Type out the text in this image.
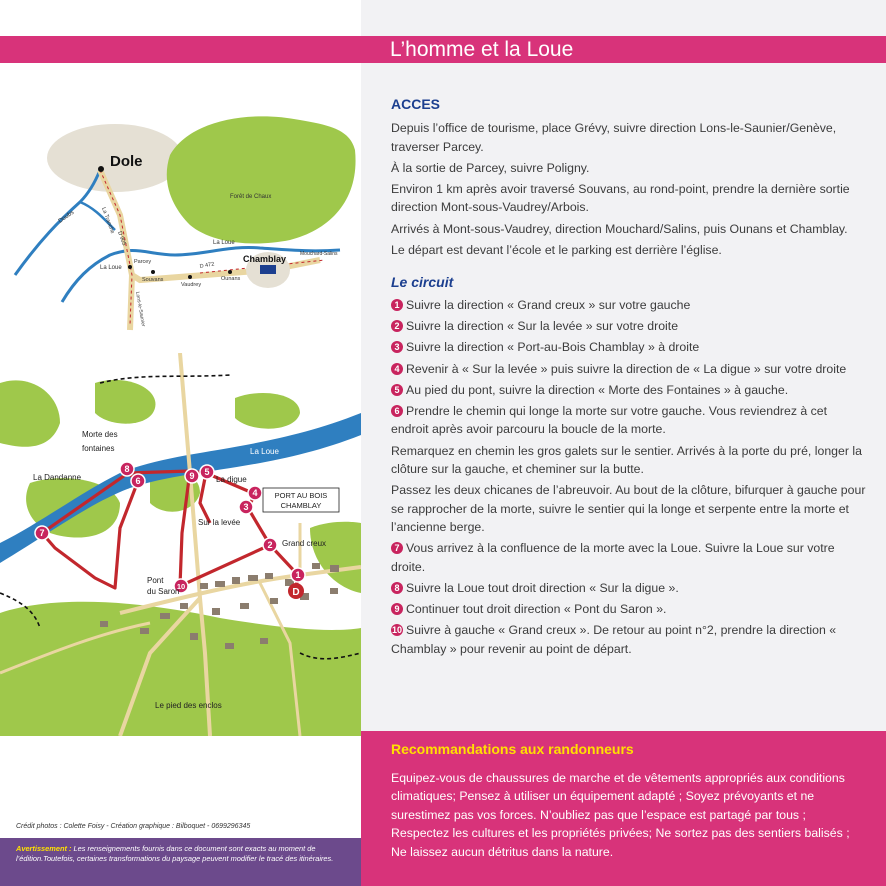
Dole
Forêt de Chaux
Doubs	La Tranche
D 905	La Loue
La Loue
Parcey
Souvans
Vaudrey
Ounans
D 472
Chamblay	Mouchard-Salins
Lons-le-Saunier
1
2
3
4
5
6
7
8
9
10
D
Morte des
fontaines
La Dandanne
La Loue
La digue
PORT AU BOIS
CHAMBLAY
Sur la levée
Grand creux
Pont
du Saron
Le pied des enclos
Crédit photos : Colette Foisy - Création graphique : Bilboquet - 0699296345
Avertissement : Les renseignements fournis dans ce document sont exacts au moment de l’édition.Toutefois, certaines transformations du paysage peuvent modifier le tracé des itinéraires.
L’homme et la Loue
ACCES

Depuis l’office de tourisme, place Grévy, suivre direction Lons-le-Saunier/Genève, traverser Parcey.

À la sortie de Parcey, suivre Poligny.

Environ 1 km après avoir traversé Souvans, au rond-point, prendre la dernière sortie direction Mont-sous-Vaudrey/Arbois.

Arrivés à Mont-sous-Vaudrey, direction Mouchard/Salins, puis Ounans et Chamblay.

Le départ est devant l’école et le parking est derrière l’église.

Le circuit
1 Suivre la direction « Grand creux » sur votre gauche
2 Suivre la direction « Sur la levée » sur votre droite
3 Suivre la direction « Port-au-Bois Chamblay » à droite
4 Revenir à « Sur la levée » puis suivre la direction de « La digue » sur votre droite
5 Au pied du pont, suivre la direction « Morte des Fontaines » à gauche.
6 Prendre le chemin qui longe la morte sur votre gauche. Vous reviendrez à cet endroit après avoir parcouru la boucle de la morte.

Remarquez en chemin les gros galets sur le sentier. Arrivés à la porte du pré, longer la clôture sur la gauche, et cheminer sur la butte.

Passez les deux chicanes de l’abreuvoir. Au bout de la clôture, bifurquer à gauche pour se rapprocher de la morte, suivre le sentier qui la longe et serpente entre la morte et l’ancienne berge.

7 Vous arrivez à la confluence de la morte avec la Loue. Suivre la Loue sur votre droite.
8 Suivre la Loue tout droit direction « Sur la digue ».
9 Continuer tout droit direction « Pont du Saron ».
10 Suivre à gauche « Grand creux ». De retour au point n°2, prendre la direction « Chamblay » pour revenir au point de départ.
Recommandations aux randonneurs
Equipez-vous de chaussures de marche et de vêtements appropriés aux conditions climatiques; Pensez à utiliser un équipement adapté ; Soyez prévoyants et ne surestimez pas vos forces. N’oubliez pas que l’espace est partagé par tous ; Respectez les cultures et les propriétés privées; Ne sortez pas des sentiers balisés ; Ne laissez aucun détritus dans la nature.
